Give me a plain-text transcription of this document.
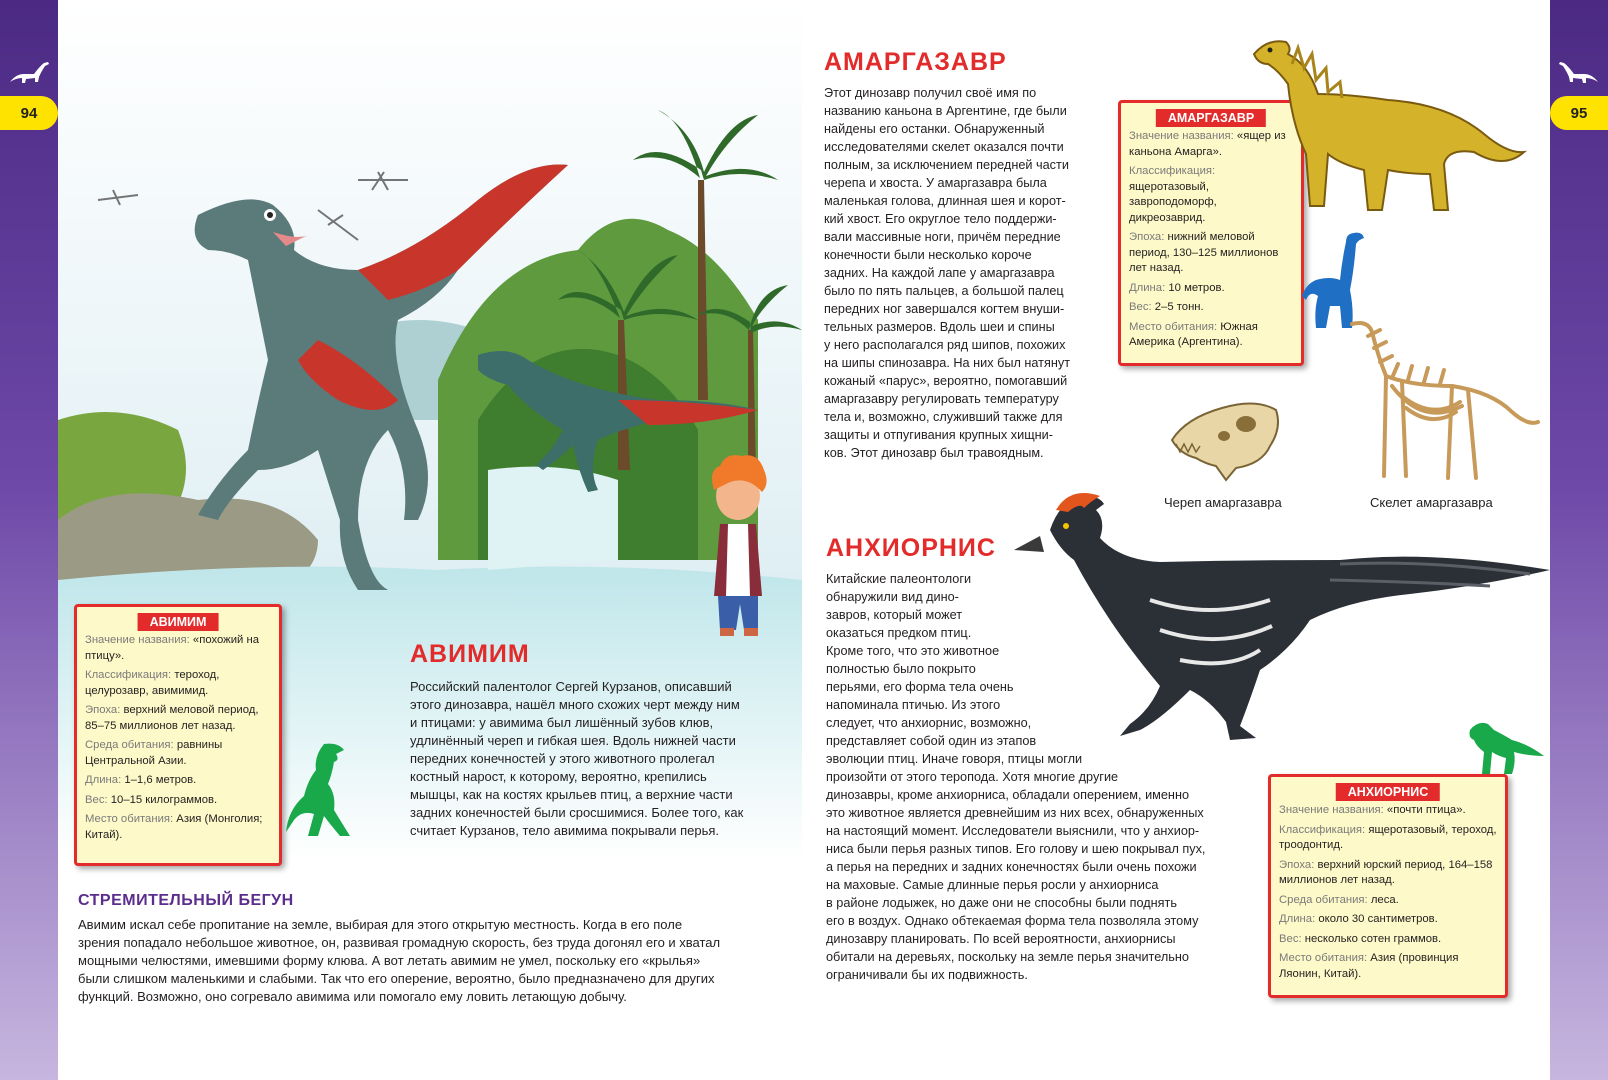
94	95
АВИМИМ
Значение названия: «похожий на птицу».
Классификация: тероход, целурозавр, авимимид.
Эпоха: верхний меловой период, 85–75 миллионов лет назад.
Среда обитания: равнины Центральной Азии.
Длина: 1–1,6 метров.
Вес: 10–15 килограммов.
Место обитания: Азия (Монголия; Китай).
АВИМИМ

Российский палентолог Сергей Курзанов, описавший

этого динозавра, нашёл много схожих черт между ним

и птицами: у авимима был лишённый зубов клюв,

удлинённый череп и гибкая шея. Вдоль нижней части

передних конечностей у этого животного пролегал

костный нарост, к которому, вероятно, крепились

мышцы, как на костях крыльев птиц, а верхние части

задних конечностей были сросшимися. Более того, как

считает Курзанов, тело авимима покрывали перья.

СТРЕМИТЕЛЬНЫЙ БЕГУН

Авимим искал себе пропитание на земле, выбирая для этого открытую местность. Когда в его поле

зрения попадало небольшое животное, он, развивая громадную скорость, без труда догонял его и хватал

мощными челюстями, имевшими форму клюва. А вот летать авимим не умел, поскольку его «крылья»

были слишком маленькими и слабыми. Так что его оперение, вероятно, было предназначено для других

функций. Возможно, оно согревало авимима или помогало ему ловить летающую добычу.

АМАРГАЗАВР

Этот динозавр получил своё имя по

названию каньона в Аргентине, где были

найдены его останки. Обнаруженный

исследователями скелет оказался почти

полным, за исключением передней части

черепа и хвоста. У амаргазавра была

маленькая голова, длинная шея и корот-

кий хвост. Его округлое тело поддержи-

вали массивные ноги, причём передние

конечности были несколько короче

задних. На каждой лапе у амаргазавра

было по пять пальцев, а большой палец

передних ног завершался когтем внуши-

тельных размеров. Вдоль шеи и спины

у него располагался ряд шипов, похожих

на шипы спинозавра. На них был натянут

кожаный «парус», вероятно, помогавший

амаргазавру регулировать температуру

тела и, возможно, служивший также для

защиты и отпугивания крупных хищни-

ков. Этот динозавр был травоядным.

АМАРГАЗАВР
Значение названия: «ящер из каньона Амарга».
Классификация: ящеротазовый, завроподоморф, дикреозаврид.
Эпоха: нижний меловой период, 130–125 миллионов лет назад.
Длина: 10 метров.
Вес: 2–5 тонн.
Место обитания: Южная Америка (Аргентина).
Череп амаргазавра	Скелет амаргазавра
АНХИОРНИС

Китайские палеонтологи

обнаружили вид дино-

завров, который может

оказаться предком птиц.

Кроме того, что это животное

полностью было покрыто

перьями, его форма тела очень

напоминала птичью. Из этого

следует, что анхиорнис, возможно,

представляет собой один из этапов

эволюции птиц. Иначе говоря, птицы могли

произойти от этого теропода. Хотя многие другие

динозавры, кроме анхиорниса, обладали оперением, именно

это животное является древнейшим из них всех, обнаруженных

на настоящий момент. Исследователи выяснили, что у анхиор-

ниса были перья разных типов. Его голову и шею покрывал пух,

а перья на передних и задних конечностях были очень похожи

на маховые. Самые длинные перья росли у анхиорниса

в районе лодыжек, но даже они не способны были поднять

его в воздух. Однако обтекаемая форма тела позволяла этому

динозавру планировать. По всей вероятности, анхиорнисы

обитали на деревьях, поскольку на земле перья значительно

ограничивали бы их подвижность.

АНХИОРНИС
Значение названия: «почти птица».
Классификация: ящеротазовый, тероход, троодонтид.
Эпоха: верхний юрский период, 164–158 миллионов лет назад.
Среда обитания: леса.
Длина: около 30 сантиметров.
Вес: несколько сотен граммов.
Место обитания: Азия (провинция Ляонин, Китай).
